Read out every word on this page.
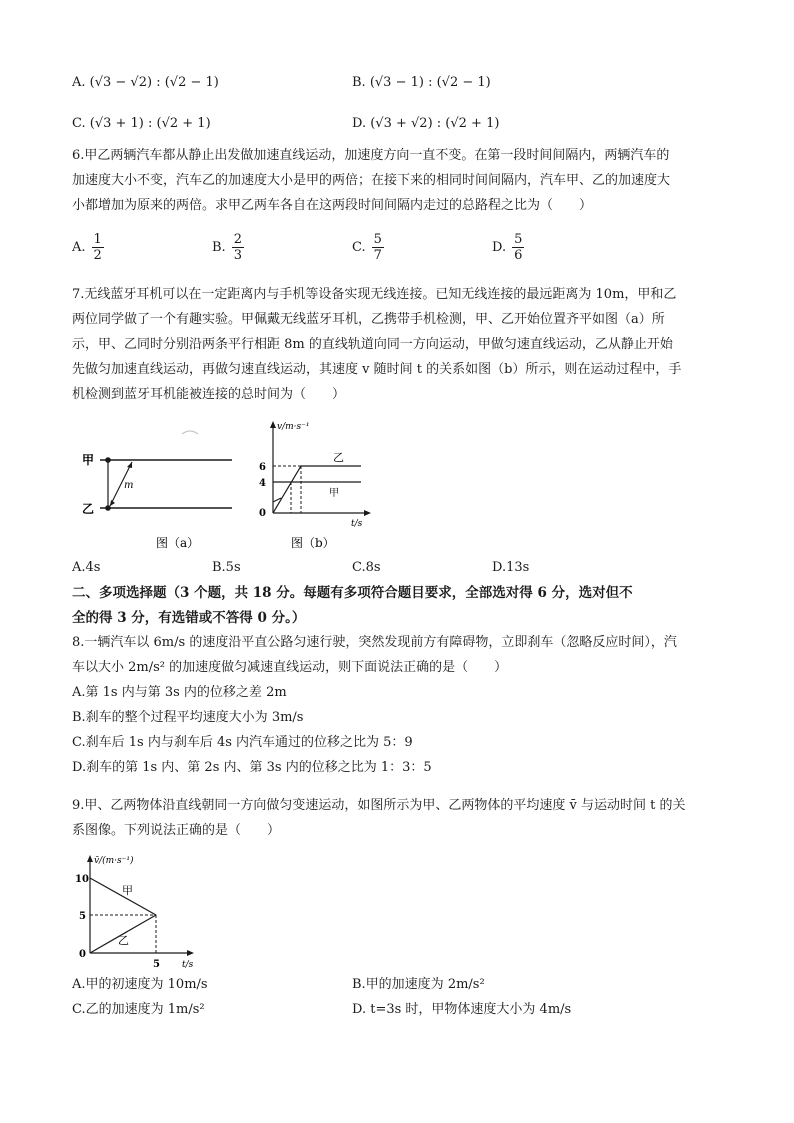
A. (√3 − √2) : (√2 − 1)	B. (√3 − 1) : (√2 − 1)
C. (√3 + 1) : (√2 + 1)	D. (√3 + √2) : (√2 + 1)
6.甲乙两辆汽车都从静止出发做加速直线运动，加速度方向一直不变。在第一段时间间隔内，两辆汽车的
加速度大小不变，汽车乙的加速度大小是甲的两倍；在接下来的相同时间间隔内，汽车甲、乙的加速度大
小都增加为原来的两倍。求甲乙两车各自在这两段时间间隔内走过的总路程之比为（　　）
A. $\frac{1}{2}$	B. $\frac{2}{3}$	C. $\frac{5}{7}$	D. $\frac{5}{6}$
7.无线蓝牙耳机可以在一定距离内与手机等设备实现无线连接。已知无线连接的最远距离为 10m，甲和乙
两位同学做了一个有趣实验。甲佩戴无线蓝牙耳机，乙携带手机检测，甲、乙开始位置齐平如图（a）所
示，甲、乙同时分别沿两条平行相距 8m 的直线轨道向同一方向运动，甲做匀速直线运动，乙从静止开始
先做匀加速直线运动，再做匀速直线运动，其速度 v 随时间 t 的关系如图（b）所示，则在运动过程中，手
机检测到蓝牙耳机能被连接的总时间为（　　）
甲
乙
m
图（a）
v/m·s⁻¹
t/s
0
6
4
乙
甲
图（b）
A.4s	B.5s	C.8s	D.13s
二、多项选择题（3 个题，共 18 分。每题有多项符合题目要求，全部选对得 6 分，选对但不
全的得 3 分，有选错或不答得 0 分。）
8.一辆汽车以 6m/s 的速度沿平直公路匀速行驶，突然发现前方有障碍物，立即刹车（忽略反应时间），汽
车以大小 2m/s² 的加速度做匀减速直线运动，则下面说法正确的是（　　）
A.第 1s 内与第 3s 内的位移之差 2m
B.刹车的整个过程平均速度大小为 3m/s
C.刹车后 1s 内与刹车后 4s 内汽车通过的位移之比为 5：9
D.刹车的第 1s 内、第 2s 内、第 3s 内的位移之比为 1：3：5
9.甲、乙两物体沿直线朝同一方向做匀变速运动，如图所示为甲、乙两物体的平均速度 v̄ 与运动时间 t 的关
系图像。下列说法正确的是（　　）
v̄/(m·s⁻¹)
t/s
10
5
0
5
甲
乙
A.甲的初速度为 10m/s	B.甲的加速度为 2m/s²
C.乙的加速度为 1m/s²	D. t=3s 时，甲物体速度大小为 4m/s
